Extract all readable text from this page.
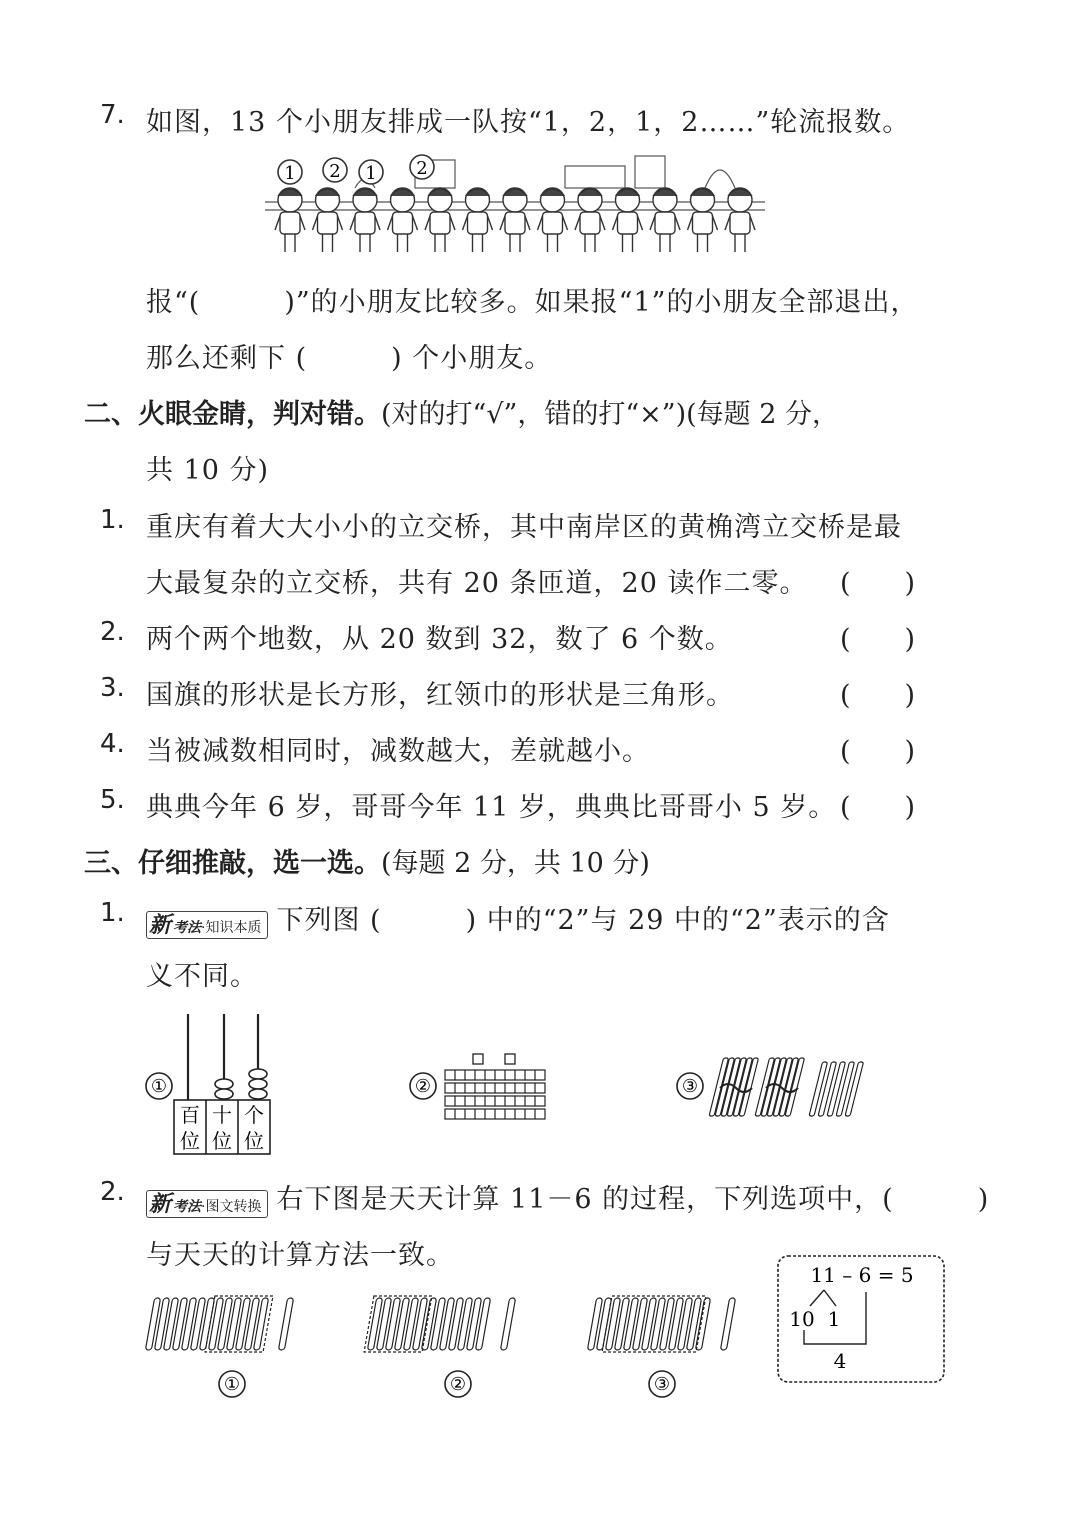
7. 如图，13 个小朋友排成一队按“1，2，1，2……”轮流报数。
1 2 1 2
报“(　　　)”的小朋友比较多。如果报“1”的小朋友全部退出，
那么还剩下 (　　　) 个小朋友。
二、火眼金睛，判对错。(对的打“√”，错的打“×”)(每题 2 分，
共 10 分)
1. 重庆有着大大小小的立交桥，其中南岸区的黄桷湾立交桥是最
大最复杂的立交桥，共有 20 条匝道，20 读作二零。 (　　)
2. 两个两个地数，从 20 数到 32，数了 6 个数。	(　　)
3. 国旗的形状是长方形，红领巾的形状是三角形。	(　　)
4. 当被减数相同时，减数越大，差就越小。	(　　)
5. 典典今年 6 岁，哥哥今年 11 岁，典典比哥哥小 5 岁。 (　　)
三、仔细推敲，选一选。(每题 2 分，共 10 分)
1. 新 考法·知识本质 下列图 (　　　) 中的“2”与 29 中的“2”表示的含
义不同。
①
百
位
十
位
个
位
②	③
2. 新 考法·图文转换 右下图是天天计算 11－6 的过程，下列选项中，(　　　)
与天天的计算方法一致。
①	②	③
11 – 6 = 5
10 1
4
